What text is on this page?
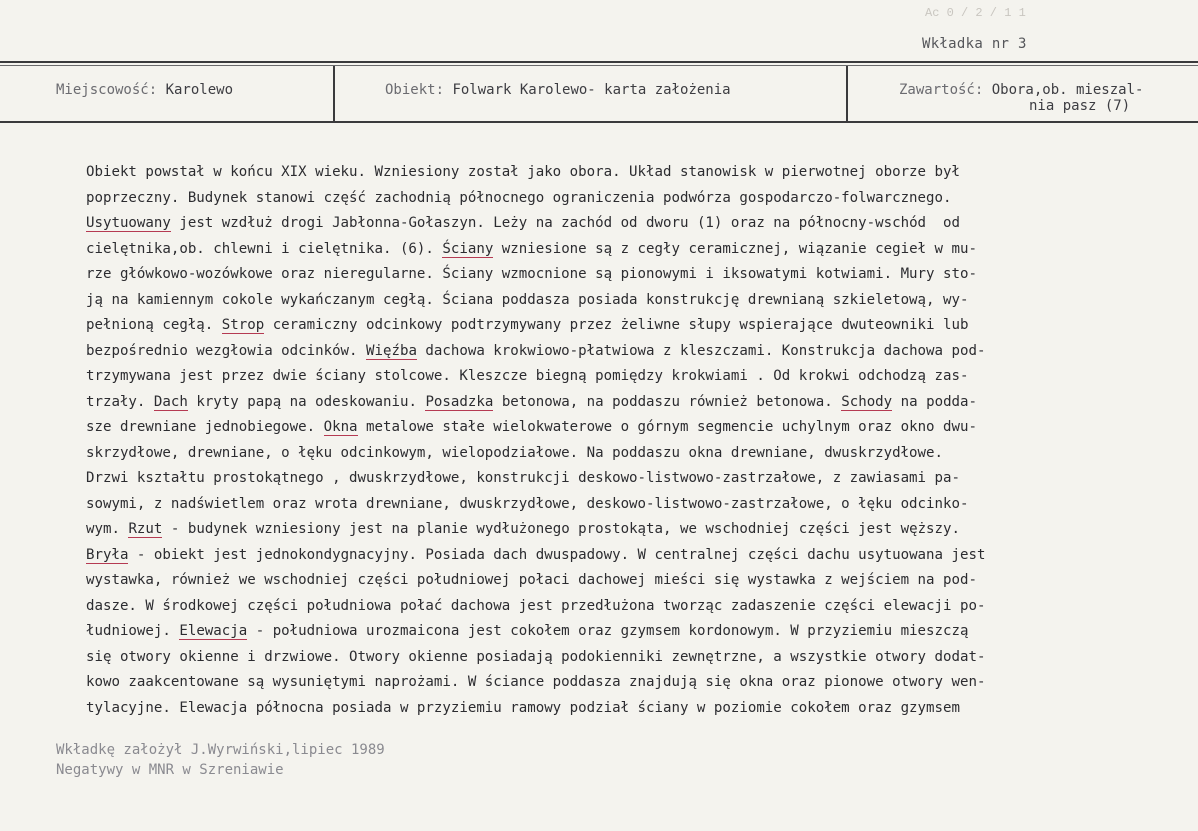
Ac 0 / 2 / 1 1
Wkładka nr 3
Miejscowość: Karolewo	Obiekt: Folwark Karolewo- karta założenia	Zawartość: Obora,ob. mieszal-
nia pasz (7)
Obiekt powstał w końcu XIX wieku. Wzniesiony został jako obora. Układ stanowisk w pierwotnej oborze był
poprzeczny. Budynek stanowi część zachodnią północnego ograniczenia podwórza gospodarczo-folwarcznego.
Usytuowany jest wzdłuż drogi Jabłonna-Gołaszyn. Leży na zachód od dworu (1) oraz na północny-wschód  od
cielętnika,ob. chlewni i cielętnika. (6). Ściany wzniesione są z cegły ceramicznej, wiązanie cegieł w mu-
rze główkowo-wozówkowe oraz nieregularne. Ściany wzmocnione są pionowymi i iksowatymi kotwiami. Mury sto-
ją na kamiennym cokole wykańczanym cegłą. Ściana poddasza posiada konstrukcję drewnianą szkieletową, wy-
pełnioną cegłą. Strop ceramiczny odcinkowy podtrzymywany przez żeliwne słupy wspierające dwuteowniki lub
bezpośrednio wezgłowia odcinków. Więźba dachowa krokwiowo-płatwiowa z kleszczami. Konstrukcja dachowa pod-
trzymywana jest przez dwie ściany stolcowe. Kleszcze biegną pomiędzy krokwiami . Od krokwi odchodzą zas-
trzały. Dach kryty papą na odeskowaniu. Posadzka betonowa, na poddaszu również betonowa. Schody na podda-
sze drewniane jednobiegowe. Okna metalowe stałe wielokwaterowe o górnym segmencie uchylnym oraz okno dwu-
skrzydłowe, drewniane, o łęku odcinkowym, wielopodziałowe. Na poddaszu okna drewniane, dwuskrzydłowe.
Drzwi kształtu prostokątnego , dwuskrzydłowe, konstrukcji deskowo-listwowo-zastrzałowe, z zawiasami pa-
sowymi, z nadświetlem oraz wrota drewniane, dwuskrzydłowe, deskowo-listwowo-zastrzałowe, o łęku odcinko-
wym. Rzut - budynek wzniesiony jest na planie wydłużonego prostokąta, we wschodniej części jest węższy.
Bryła - obiekt jest jednokondygnacyjny. Posiada dach dwuspadowy. W centralnej części dachu usytuowana jest
wystawka, również we wschodniej części południowej połaci dachowej mieści się wystawka z wejściem na pod-
dasze. W środkowej części południowa połać dachowa jest przedłużona tworząc zadaszenie części elewacji po-
łudniowej. Elewacja - południowa urozmaicona jest cokołem oraz gzymsem kordonowym. W przyziemiu mieszczą
się otwory okienne i drzwiowe. Otwory okienne posiadają podokienniki zewnętrzne, a wszystkie otwory dodat-
kowo zaakcentowane są wysuniętymi naprożami. W ściance poddasza znajdują się okna oraz pionowe otwory wen-
tylacyjne. Elewacja północna posiada w przyziemiu ramowy podział ściany w poziomie cokołem oraz gzymsem
Wkładkę założył J.Wyrwiński,lipiec 1989
Negatywy w MNR w Szreniawie
